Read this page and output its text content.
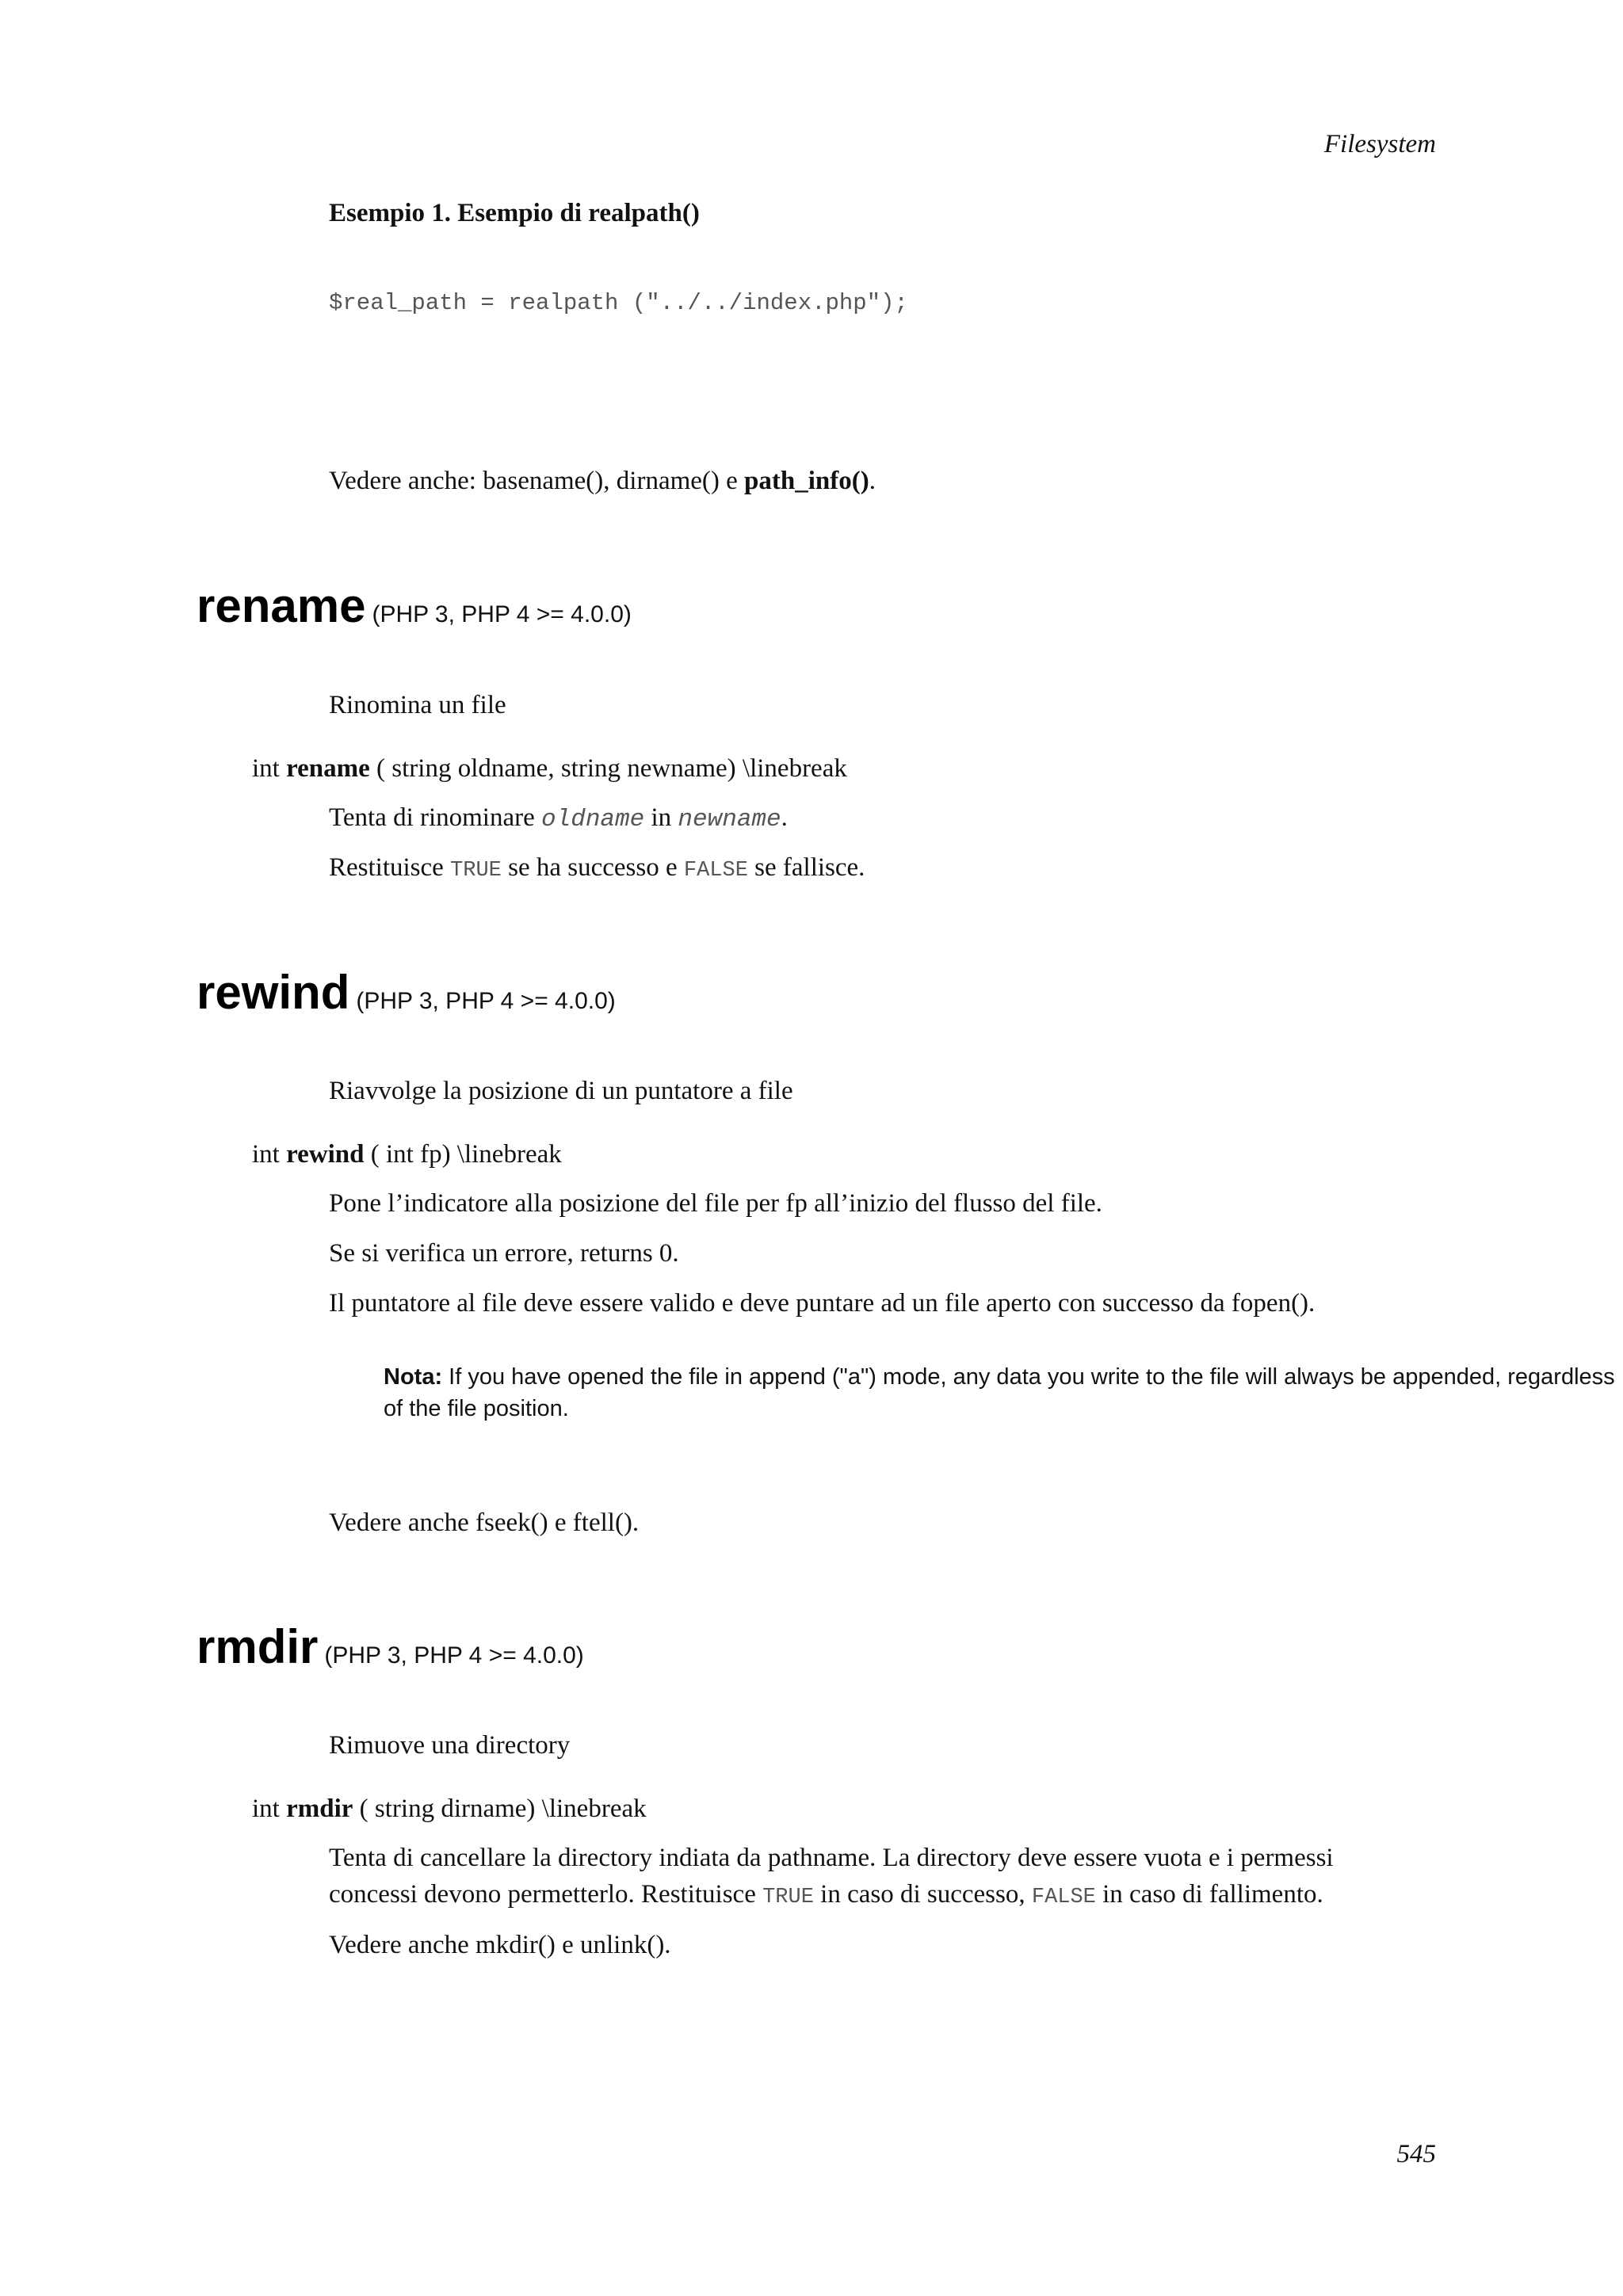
Filesystem
Esempio 1. Esempio di realpath()
$real_path = realpath ("../../index.php");
Vedere anche: basename(), dirname() e path_info().
rename (PHP 3, PHP 4 >= 4.0.0)
Rinomina un file
int rename ( string oldname, string newname) \linebreak
Tenta di rinominare oldname in newname.
Restituisce TRUE se ha successo e FALSE se fallisce.
rewind (PHP 3, PHP 4 >= 4.0.0)
Riavvolge la posizione di un puntatore a file
int rewind ( int fp) \linebreak
Pone l’indicatore alla posizione del file per fp all’inizio del flusso del file.
Se si verifica un errore, returns 0.
Il puntatore al file deve essere valido e deve puntare ad un file aperto con successo da fopen().
Nota: If you have opened the file in append ("a") mode, any data you write to the file will always be appended, regardless of the file position.
Vedere anche fseek() e ftell().
rmdir (PHP 3, PHP 4 >= 4.0.0)
Rimuove una directory
int rmdir ( string dirname) \linebreak
Tenta di cancellare la directory indiata da pathname. La directory deve essere vuota e i permessi
concessi devono permetterlo. Restituisce TRUE in caso di successo, FALSE in caso di fallimento.
Vedere anche mkdir() e unlink().
545
